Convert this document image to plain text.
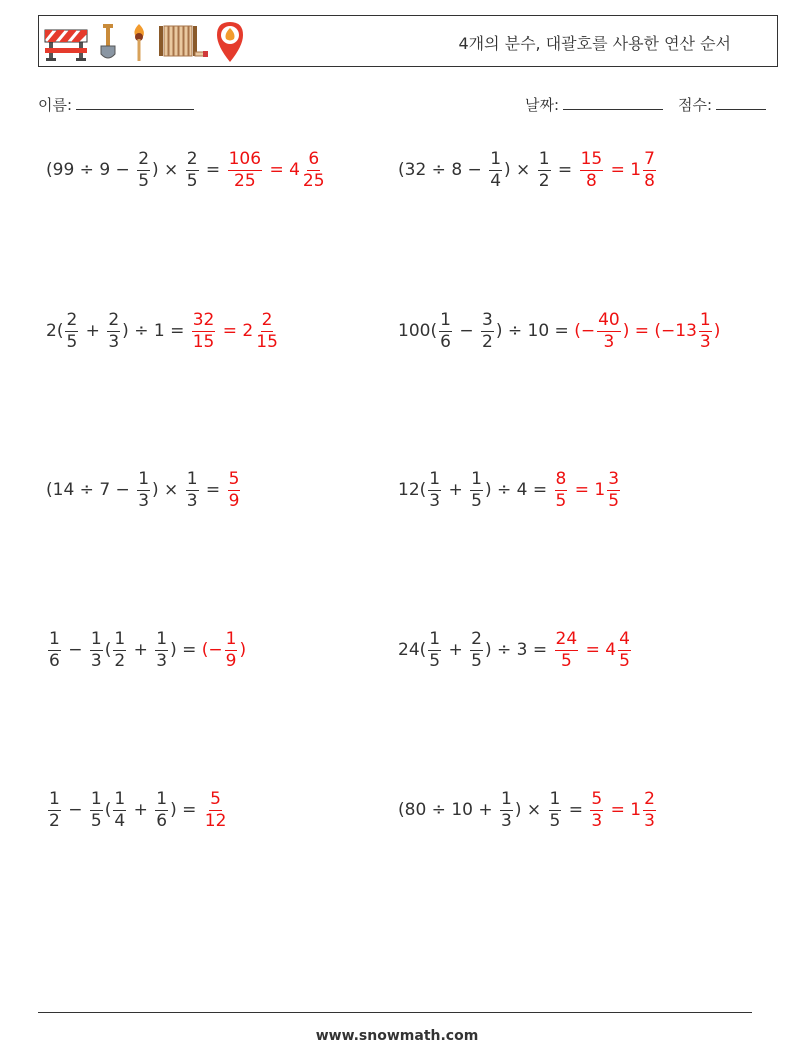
4개의 분수, 대괄호를 사용한 연산 순서
이름:	날짜:	점수:
($99 \div 9 - \frac{2}{5}$ ) × $\frac{2}{5} = \frac{106}{25} = 4 \frac{6}{25}$	($32 \div 8 - \frac{1}{4}$ ) × $\frac{1}{2} = \frac{15}{8} = 1 \frac{7}{8}$
$2( \frac{2}{5} + \frac{2}{3}$ ) ÷ $1 = \frac{32}{15} = 2 \frac{2}{15}$	$100( \frac{1}{6} - \frac{3}{2}$ ) ÷ 10 = (− $\frac{40}{3}$ ) = ($-13 \frac{1}{3}$ )
($14 \div 7 - \frac{1}{3}$ ) × $\frac{1}{3} = \frac{5}{9}$	$12( \frac{1}{3} + \frac{1}{5}$ ) ÷ $4 = \frac{8}{5} = 1 \frac{3}{5}$
$\frac{1}{6} - \frac{1}{3}$ ( $\frac{1}{2} + \frac{1}{3}$ ) = (− $\frac{1}{9}$ )	$24( \frac{1}{5} + \frac{2}{5}$ ) ÷ $3 = \frac{24}{5} = 4 \frac{4}{5}$
$\frac{1}{2} - \frac{1}{5}$ ( $\frac{1}{4} + \frac{1}{6}$ ) = $\frac{5}{12}$	($80 \div 10 + \frac{1}{3}$ ) × $\frac{1}{5} = \frac{5}{3} = 1 \frac{2}{3}$
www.snowmath.com
